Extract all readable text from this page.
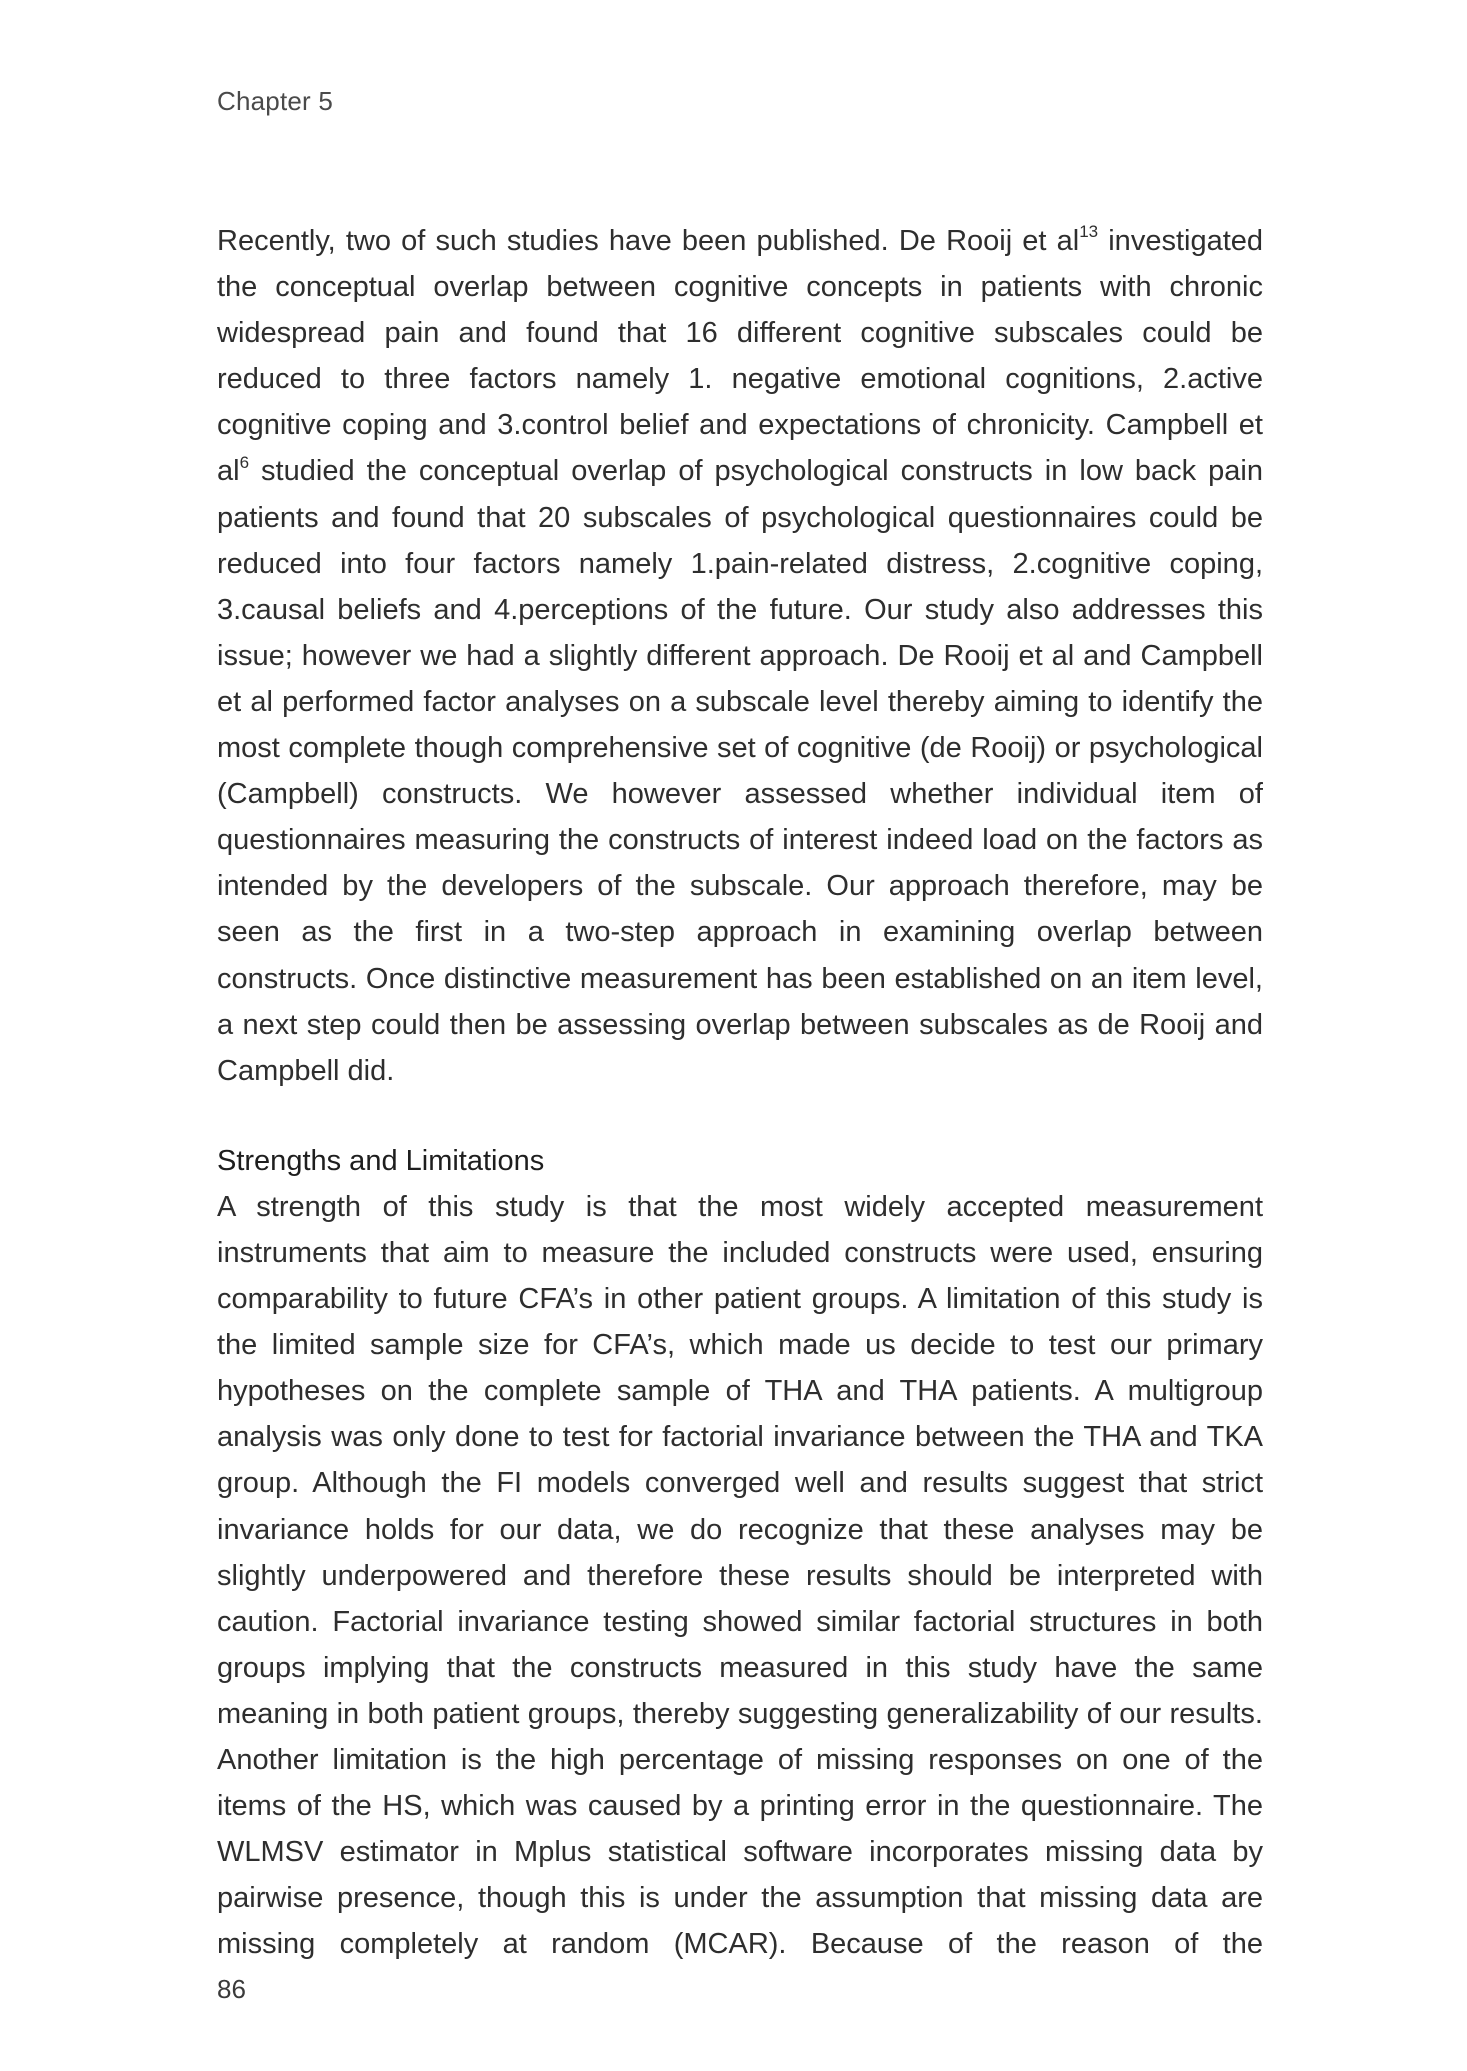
Chapter 5

Recently, two of such studies have been published. De Rooij et $al^{13}$ investigated the conceptual overlap between cognitive concepts in patients with chronic widespread pain and found that 16 different cognitive subscales could be reduced to three factors namely 1. negative emotional cognitions, 2.active cognitive coping and 3.control belief and expectations of chronicity. Campbell et $al^6$ studied the conceptual overlap of psychological constructs in low back pain patients and found that 20 subscales of psychological questionnaires could be reduced into four factors namely 1.pain-related distress, 2.cognitive coping, 3.causal beliefs and 4.perceptions of the future. Our study also addresses this issue; however we had a slightly different approach. De Rooij et al and Campbell et al performed factor analyses on a subscale level thereby aiming to identify the most complete though comprehensive set of cognitive (de Rooij) or psychological (Campbell) constructs. We however assessed whether individual item of questionnaires measuring the constructs of interest indeed load on the factors as intended by the developers of the subscale. Our approach therefore, may be seen as the first in a two-step approach in examining overlap between constructs. Once distinctive measurement has been established on an item level, a next step could then be assessing overlap between subscales as de Rooij and Campbell did.

Strengths and Limitations

A strength of this study is that the most widely accepted measurement instruments that aim to measure the included constructs were used, ensuring comparability to future CFA’s in other patient groups. A limitation of this study is the limited sample size for CFA’s, which made us decide to test our primary hypotheses on the complete sample of THA and THA patients. A multigroup analysis was only done to test for factorial invariance between the THA and TKA group. Although the FI models converged well and results suggest that strict invariance holds for our data, we do recognize that these analyses may be slightly underpowered and therefore these results should be interpreted with caution. Factorial invariance testing showed similar factorial structures in both groups implying that the constructs measured in this study have the same meaning in both patient groups, thereby suggesting generalizability of our results. Another limitation is the high percentage of missing responses on one of the items of the HS, which was caused by a printing error in the questionnaire. The WLMSV estimator in Mplus statistical software incorporates missing data by pairwise presence, though this is under the assumption that missing data are missing completely at random (MCAR). Because of the reason of the

86
